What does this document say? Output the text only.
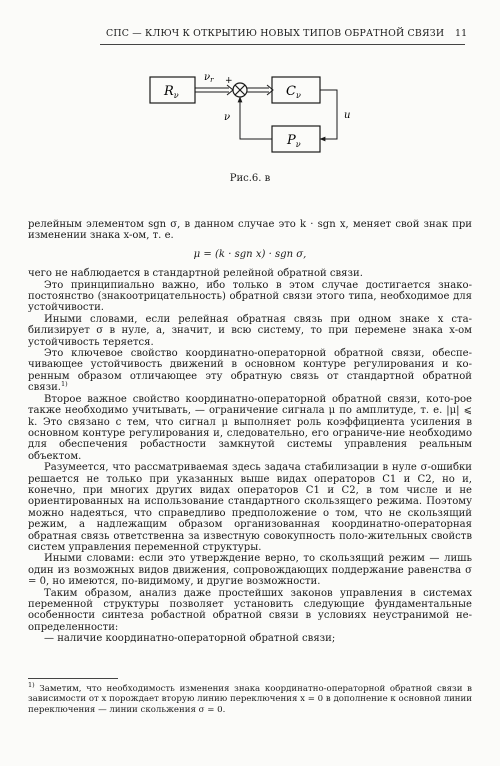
СПС — КЛЮЧ К ОТКРЫТИЮ НОВЫХ ТИПОВ ОБРАТНОЙ СВЯЗИ 11
$R_\nu$
$\nu_r$ +
$C_\nu$
u
$P_\nu$
ν
Рис.6. в

релейным элементом sgn σ, в данном случае это k · sgn x, меняет свой знак при изменении знака x-ом, т. е.

μ = (k · sgn x) · sgn σ,

чего не наблюдается в стандартной релейной обратной связи.

Это принципиально важно, ибо только в этом случае достигается знако-постоянство (знакоотрицательность) обратной связи этого типа, необходимое для устойчивости.

Иными словами, если релейная обратная связь при одном знаке x ста-билизирует σ в нуле, а, значит, и всю систему, то при перемене знака x-ом устойчивость теряется.

Это ключевое свойство координатно-операторной обратной связи, обеспе-чивающее устойчивость движений в основном контуре регулирования и ко-ренным образом отличающее эту обратную связь от стандартной обратной связи.$^{1)}$

Второе важное свойство координатно-операторной обратной связи, кото-рое также необходимо учитывать, — ограничение сигнала μ по амплитуде, т. е. |μ| ⩽ k. Это связано с тем, что сигнал μ выполняет роль коэффициента усиления в основном контуре регулирования и, следовательно, его ограниче-ние необходимо для обеспечения робастности замкнутой системы управления реальным объектом.

Разумеется, что рассматриваемая здесь задача стабилизации в нуле σ-ошибки решается не только при указанных выше видах операторов C1 и C2, но и, конечно, при многих других видах операторов C1 и C2, в том числе и не ориентированных на использование стандартного скользящего режима. Поэтому можно надеяться, что справедливо предположение о том, что не скользящий режим, а надлежащим образом организованная координатно-операторная обратная связь ответственна за известную совокупность поло-жительных свойств систем управления переменной структуры.

Иными словами: если это утверждение верно, то скользящий режим — лишь один из возможных видов движения, сопровождающих поддержание равенства σ = 0, но имеются, по-видимому, и другие возможности.

Таким образом, анализ даже простейших законов управления в системах переменной структуры позволяет установить следующие фундаментальные особенности синтеза робастной обратной связи в условиях неустранимой не-определенности:

— наличие координатно-операторной обратной связи;

$^{1)}$ Заметим, что необходимость изменения знака координатно-операторной обратной связи в зависимости от x порождает вторую линию переключения x = 0 в дополнение к основной линии переключения — линии скольжения σ = 0.
